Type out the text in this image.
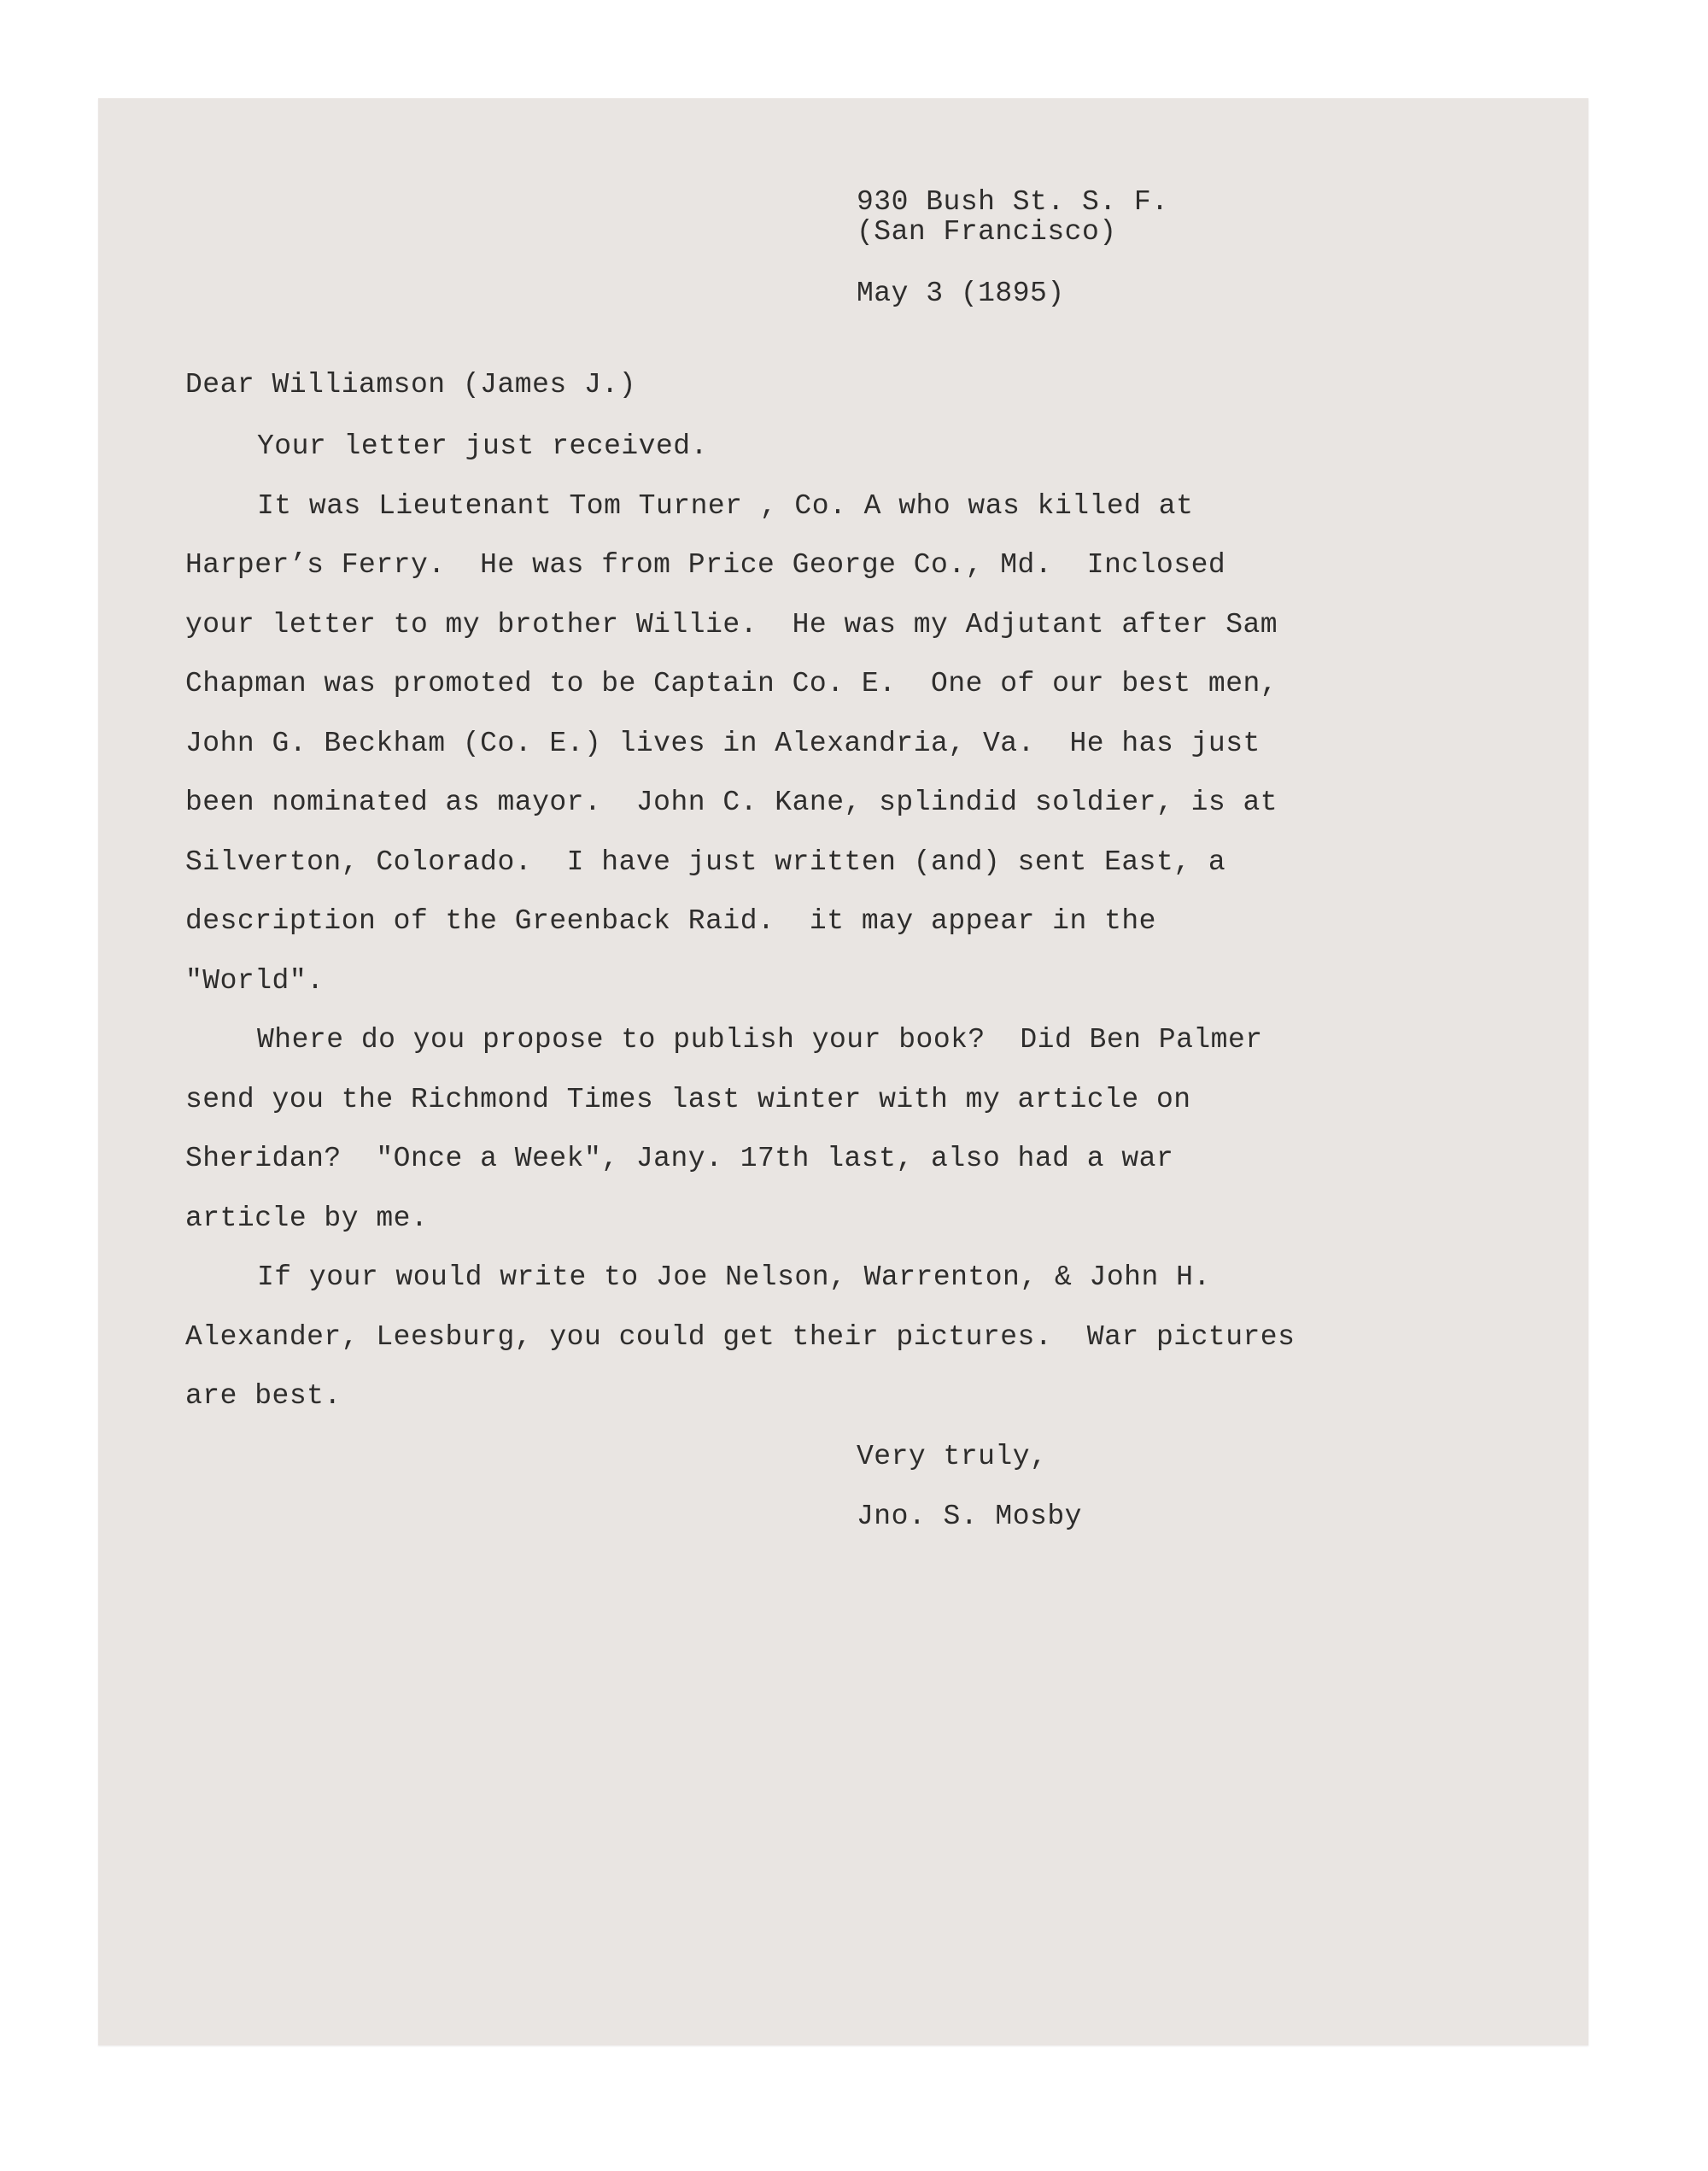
930 Bush St. S. F.
(San Francisco)
May 3 (1895)
Dear Williamson (James J.)
Your letter just received.
It was Lieutenant Tom Turner , Co. A who was killed at
Harper’s Ferry.  He was from Price George Co., Md.  Inclosed
your letter to my brother Willie.  He was my Adjutant after Sam
Chapman was promoted to be Captain Co. E.  One of our best men,
John G. Beckham (Co. E.) lives in Alexandria, Va.  He has just
been nominated as mayor.  John C. Kane, splindid soldier, is at
Silverton, Colorado.  I have just written (and) sent East, a
description of the Greenback Raid.  it may appear in the
"World".
Where do you propose to publish your book?  Did Ben Palmer
send you the Richmond Times last winter with my article on
Sheridan?  "Once a Week", Jany. 17th last, also had a war
article by me.
If your would write to Joe Nelson, Warrenton, & John H.
Alexander, Leesburg, you could get their pictures.  War pictures
are best.
Very truly,
Jno. S. Mosby
